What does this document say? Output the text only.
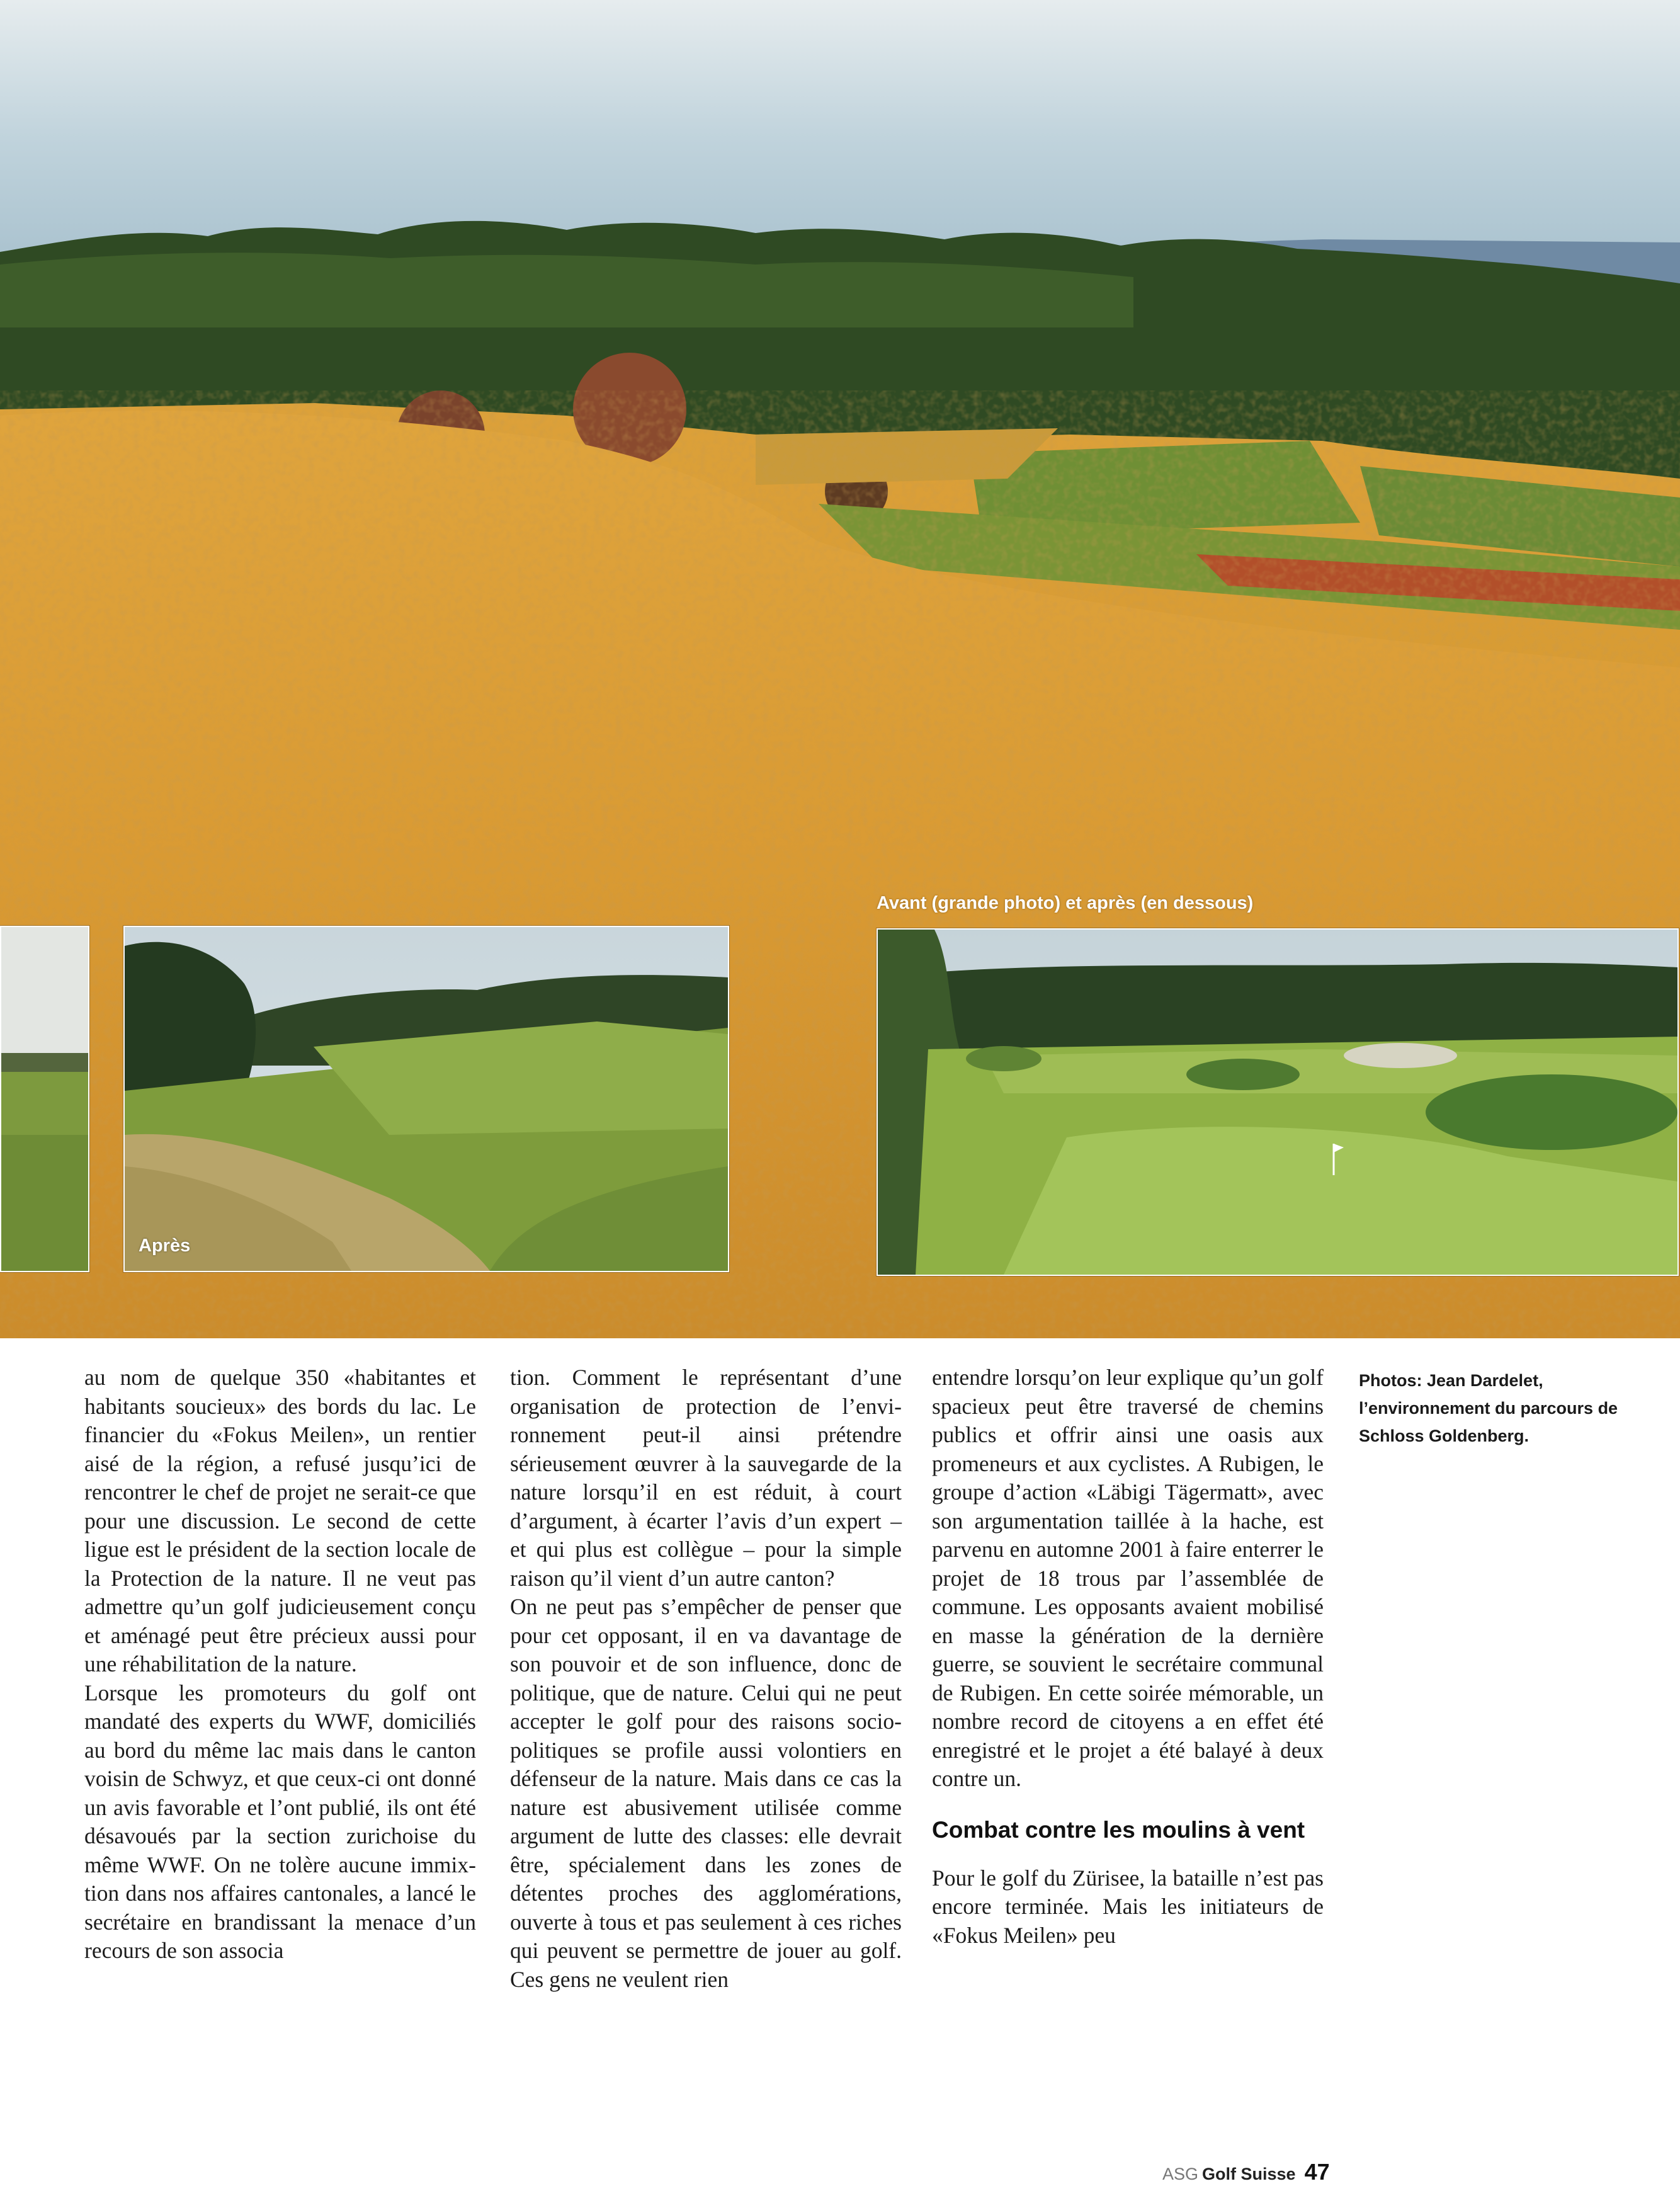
Avant (grande photo) et après (en dessous)
Après

au nom de quelque 350 «habitantes et habitants soucieux» des bords du lac. Le financier du «Fokus Meilen», un rentier aisé de la région, a refusé jusqu’ici de rencontrer le chef de projet ne serait-ce que pour une discussion. Le second de cette ligue est le président de la section locale de la Protection de la nature. Il ne veut pas admettre qu’un golf judicieusement conçu et aménagé peut être précieux aussi pour une réhabilitation de la nature.

Lorsque les promoteurs du golf ont mandaté des experts du WWF, domiciliés au bord du même lac mais dans le canton voisin de Schwyz, et que ceux-ci ont donné un avis favorable et l’ont publié, ils ont été désavoués par la section zurichoise du même WWF. On ne tolère aucune immixtion dans nos affaires cantonales, a lancé le secrétaire en brandissant la menace d’un recours de son associa

tion. Comment le représentant d’une organisation de protection de l’environnement peut-il ainsi prétendre sérieusement œuvrer à la sauvegarde de la nature lorsqu’il en est réduit, à court d’argument, à écarter l’avis d’un expert – et qui plus est collègue – pour la simple raison qu’il vient d’un autre canton?

On ne peut pas s’empêcher de penser que pour cet opposant, il en va davantage de son pouvoir et de son influence, donc de politique, que de nature. Celui qui ne peut accepter le golf pour des raisons socio-politiques se profile aussi volontiers en défenseur de la nature. Mais dans ce cas la nature est abusivement utilisée comme argument de lutte des classes: elle devrait être, spécialement dans les zones de détentes proches des agglomérations, ouverte à tous et pas seulement à ces riches qui peuvent se permettre de jouer au golf. Ces gens ne veulent rien

entendre lorsqu’on leur explique qu’un golf spacieux peut être traversé de chemins publics et offrir ainsi une oasis aux promeneurs et aux cyclistes. A Rubigen, le groupe d’action «Läbigi Tägermatt», avec son argumentation taillée à la hache, est parvenu en automne 2001 à faire enterrer le projet de 18 trous par l’assemblée de commune. Les opposants avaient mobilisé en masse la génération de la dernière guerre, se souvient le secrétaire communal de Rubigen. En cette soirée mémorable, un nombre record de citoyens a en effet été enregistré et le projet a été balayé à deux contre un.

Combat contre les moulins à vent

Pour le golf du Zürisee, la bataille n’est pas encore terminée. Mais les initiateurs de «Fokus Meilen» peu

Photos: Jean Dardelet, l’environnement du parcours de Schloss Goldenberg.
ASG Golf Suisse 47
